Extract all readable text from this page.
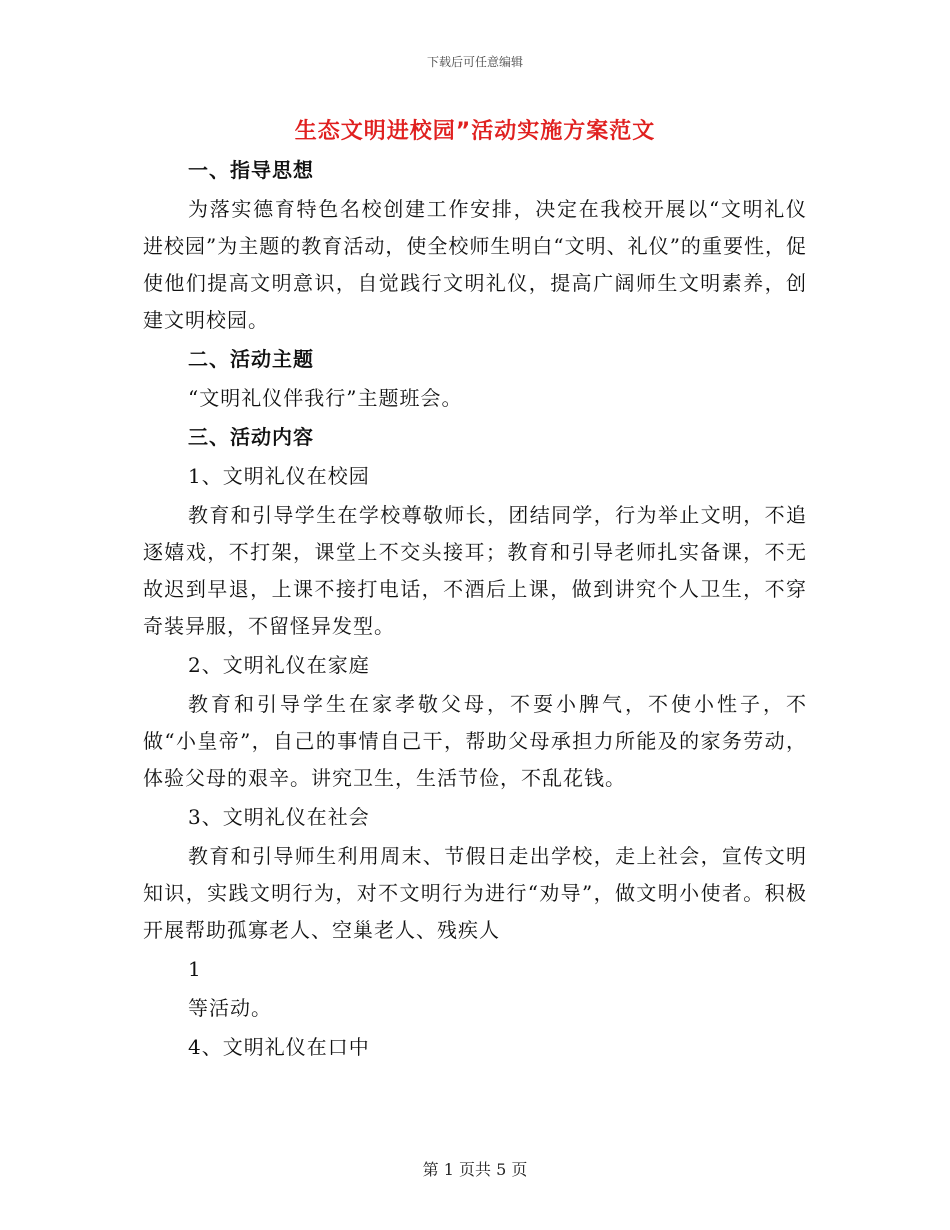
下载后可任意编辑
生态文明进校园”活动实施方案范文
一、指导思想

为落实德育特色名校创建工作安排，决定在我校开展以“文明礼仪进校园”为主题的教育活动，使全校师生明白“文明、礼仪”的重要性，促使他们提高文明意识，自觉践行文明礼仪，提高广阔师生文明素养，创建文明校园。

二、活动主题

“文明礼仪伴我行”主题班会。

三、活动内容
1、文明礼仪在校园

教育和引导学生在学校尊敬师长，团结同学，行为举止文明，不追逐嬉戏，不打架，课堂上不交头接耳；教育和引导老师扎实备课，不无故迟到早退，上课不接打电话，不酒后上课，做到讲究个人卫生，不穿奇装异服，不留怪异发型。

2、文明礼仪在家庭

教育和引导学生在家孝敬父母，不耍小脾气，不使小性子，不做“小皇帝”，自己的事情自己干，帮助父母承担力所能及的家务劳动，体验父母的艰辛。讲究卫生，生活节俭，不乱花钱。

3、文明礼仪在社会

教育和引导师生利用周末、节假日走出学校，走上社会，宣传文明知识，实践文明行为，对不文明行为进行“劝导”，做文明小使者。积极开展帮助孤寡老人、空巢老人、残疾人

1

等活动。

4、文明礼仪在口中
第 1 页共 5 页
